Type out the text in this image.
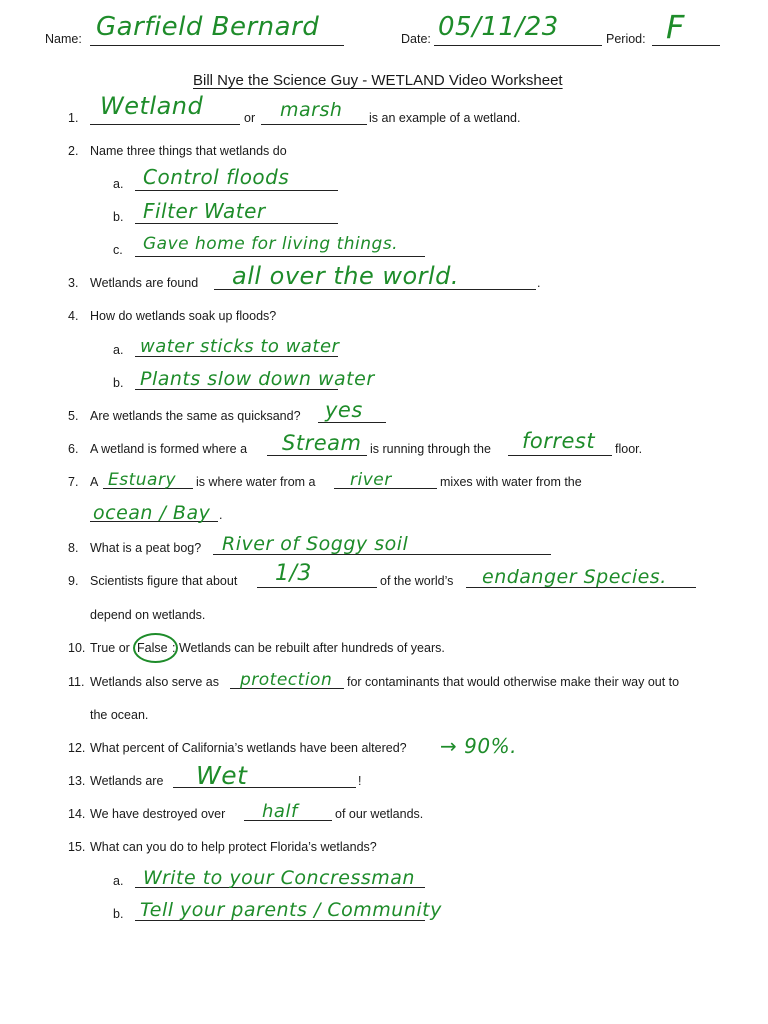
Name: Garfield Bernard	Date: 05/11/23	Period: F
Bill Nye the Science Guy - WETLAND Video Worksheet
1. Wetland	or marsh is an example of a wetland.
2. Name three things that wetlands do
a. Control floods
b. Filter Water
c. Gave home for living things.
3. Wetlands are found all over the world.	.
4. How do wetlands soak up floods?
a. water sticks to water
b. Plants slow down water
5. Are wetlands the same as quicksand? yes
6. A wetland is formed where a Stream is running through the forrest floor.
7. A Estuary is where water from a river	mixes with water from the
ocean / Bay .
8. What is a peat bog? River of Soggy soil
9. Scientists figure that about 1/3	of the world’s endanger Species.
depend on wetlands.
10. True or False : Wetlands can be rebuilt after hundreds of years.
11. Wetlands also serve as protection for contaminants that would otherwise make their way out to
the ocean.
12. What percent of California’s wetlands have been altered? → 90%.
13. Wetlands are Wet	!
14. We have destroyed over half	of our wetlands.
15. What can you do to help protect Florida’s wetlands?
a. Write to your Concressman
b. Tell your parents / Community
